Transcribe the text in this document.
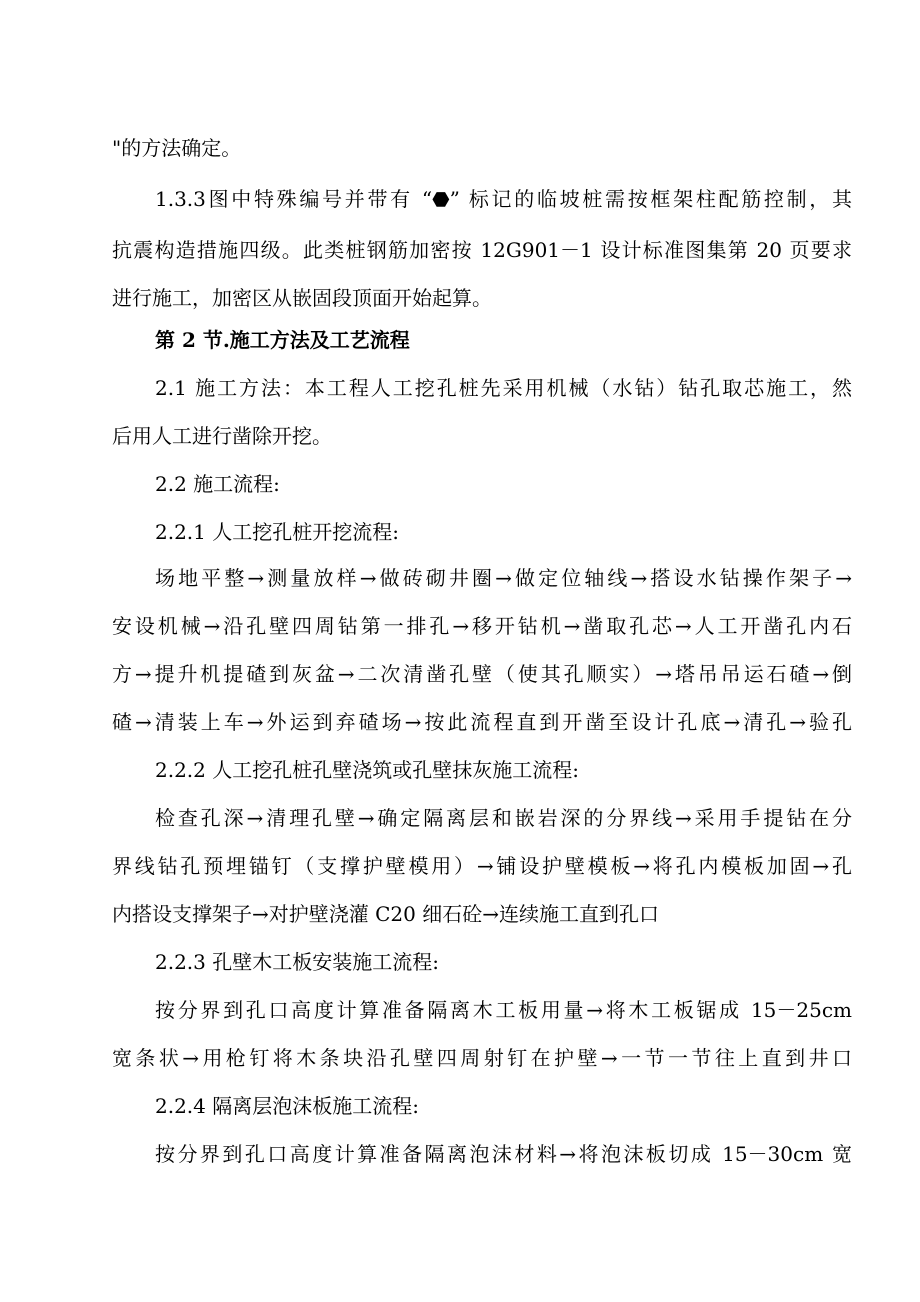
"的方法确定。
1.3.3图中特殊编号并带有 “⬣” 标记的临坡桩需按框架柱配筋控制，其
抗震构造措施四级。此类桩钢筋加密按 12G901－1 设计标准图集第 20 页要求
进行施工，加密区从嵌固段顶面开始起算。
第 2 节.施工方法及工艺流程
2.1 施工方法：本工程人工挖孔桩先采用机械（水钻）钻孔取芯施工，然
后用人工进行凿除开挖。
2.2 施工流程:
2.2.1 人工挖孔桩开挖流程:
场地平整→测量放样→做砖砌井圈→做定位轴线→搭设水钻操作架子→
安设机械→沿孔壁四周钻第一排孔→移开钻机→凿取孔芯→人工开凿孔内石
方→提升机提碴到灰盆→二次清凿孔壁（使其孔顺实）→塔吊吊运石碴→倒
碴→清装上车→外运到弃碴场→按此流程直到开凿至设计孔底→清孔→验孔
2.2.2 人工挖孔桩孔壁浇筑或孔壁抹灰施工流程:
检查孔深→清理孔壁→确定隔离层和嵌岩深的分界线→采用手提钻在分
界线钻孔预埋锚钉（支撑护壁模用）→铺设护壁模板→将孔内模板加固→孔
内搭设支撑架子→对护壁浇灌 C20 细石砼→连续施工直到孔口
2.2.3 孔壁木工板安装施工流程:
按分界到孔口高度计算准备隔离木工板用量→将木工板锯成 15－25cm
宽条状→用枪钉将木条块沿孔壁四周射钉在护壁→一节一节往上直到井口
2.2.4 隔离层泡沫板施工流程:
按分界到孔口高度计算准备隔离泡沫材料→将泡沫板切成 15－30cm 宽
